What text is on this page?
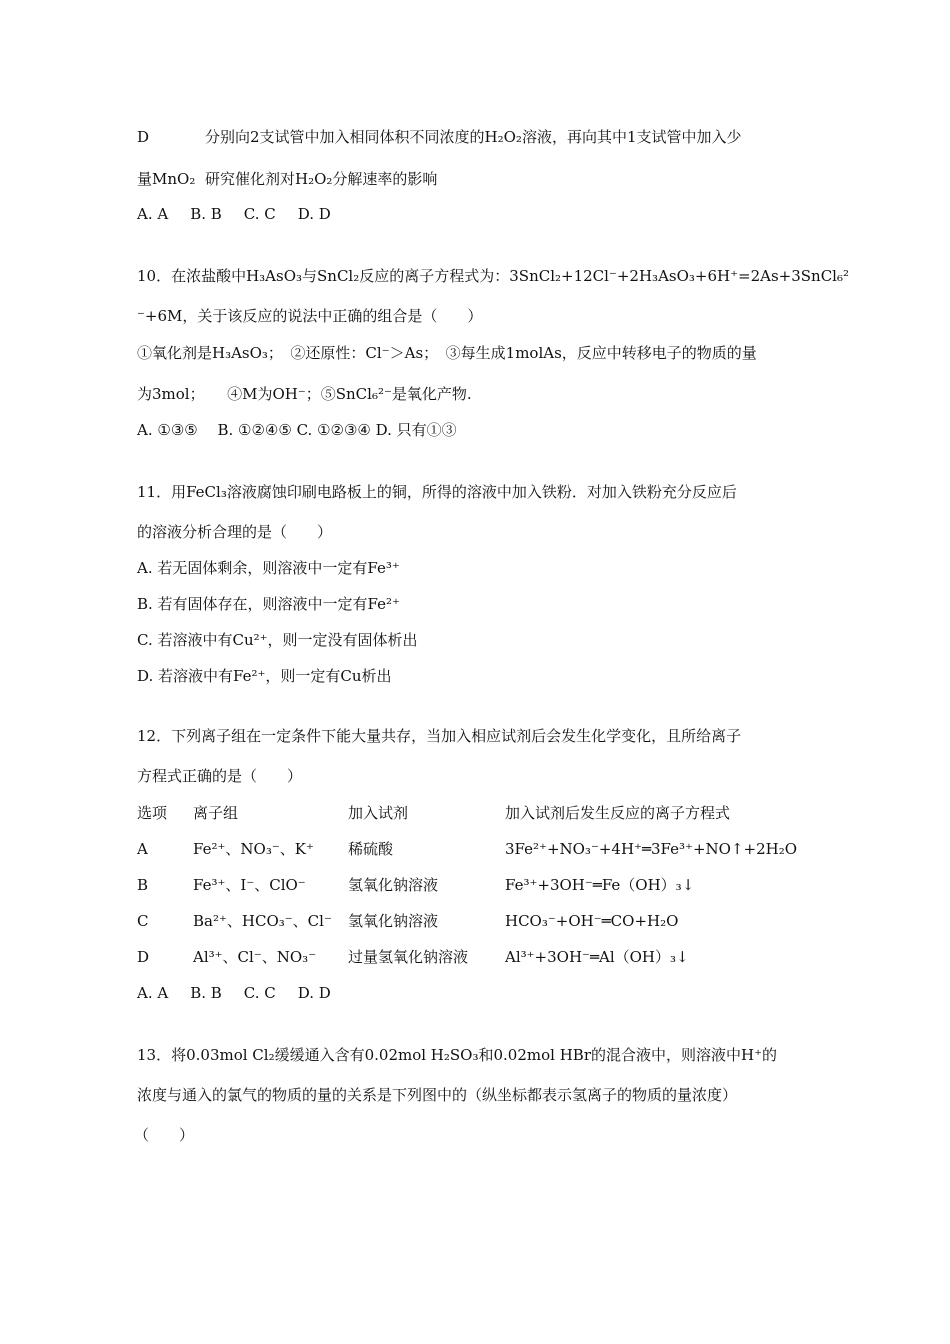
D	分别向2支试管中加入相同体积不同浓度的H₂O₂溶液，再向其中1支试管中加入少
量MnO₂ 研究催化剂对H₂O₂分解速率的影响
A. A B. B C. C D. D
10．在浓盐酸中H₃AsO₃与SnCl₂反应的离子方程式为：3SnCl₂+12Cl⁻+2H₃AsO₃+6H⁺=2As+3SnCl₆²
⁻+6M，关于该反应的说法中正确的组合是（　　）
①氧化剂是H₃AsO₃；　②还原性：Cl⁻＞As；　③每生成1molAs，反应中转移电子的物质的量
为3mol；　　④M为OH⁻；⑤SnCl₆²⁻是氧化产物.
A. ①③⑤　 B. ①②④⑤ C. ①②③④ D. 只有①③
11．用FeCl₃溶液腐蚀印刷电路板上的铜，所得的溶液中加入铁粉．对加入铁粉充分反应后
的溶液分析合理的是（　　）
A. 若无固体剩余，则溶液中一定有Fe³⁺
B. 若有固体存在，则溶液中一定有Fe²⁺
C. 若溶液中有Cu²⁺，则一定没有固体析出
D. 若溶液中有Fe²⁺，则一定有Cu析出
12．下列离子组在一定条件下能大量共存，当加入相应试剂后会发生化学变化，且所给离子
方程式正确的是（　　）
选项 离子组	加入试剂	加入试剂后发生反应的离子方程式
A	Fe²⁺、NO₃⁻、K⁺ 稀硫酸	3Fe²⁺+NO₃⁻+4H⁺═3Fe³⁺+NO↑+2H₂O
B	Fe³⁺、I⁻、ClO⁻	氢氧化钠溶液	Fe³⁺+3OH⁻═Fe（OH）₃↓
C	Ba²⁺、HCO₃⁻、Cl⁻ 氢氧化钠溶液	HCO₃⁻+OH⁻═CO+H₂O
D	Al³⁺、Cl⁻、NO₃⁻ 过量氢氧化钠溶液 Al³⁺+3OH⁻═Al（OH）₃↓
A. A B. B C. C D. D
13．将0.03mol Cl₂缓缓通入含有0.02mol H₂SO₃和0.02mol HBr的混合液中，则溶液中H⁺的
浓度与通入的氯气的物质的量的关系是下列图中的（纵坐标都表示氢离子的物质的量浓度）
（　　）
